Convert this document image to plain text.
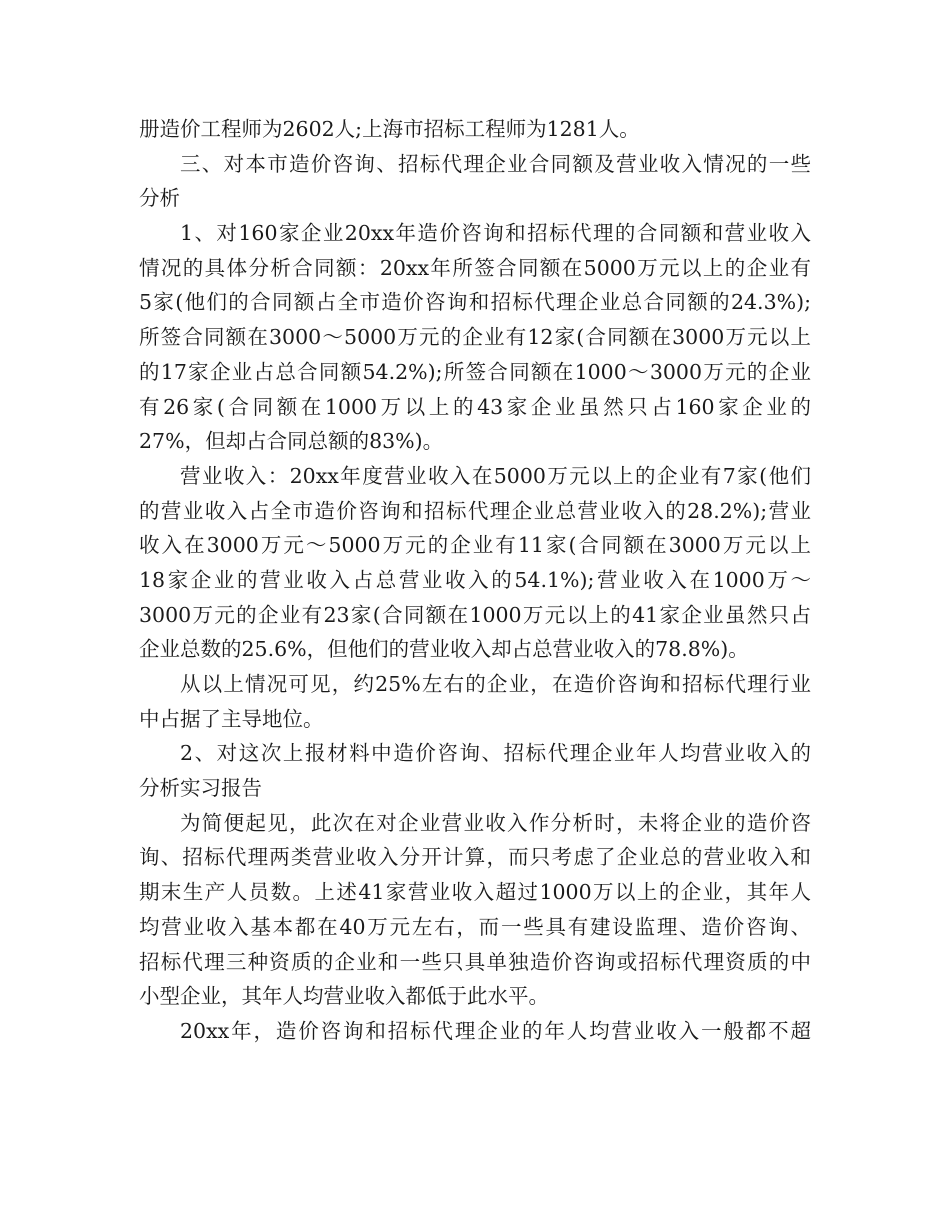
册造价工程师为2602人;上海市招标工程师为1281人。
三、对本市造价咨询、招标代理企业合同额及营业收入情况的一些
分析
1、对160家企业20xx年造价咨询和招标代理的合同额和营业收入
情况的具体分析合同额：20xx年所签合同额在5000万元以上的企业有
5家(他们的合同额占全市造价咨询和招标代理企业总合同额的24.3%);
所签合同额在3000～5000万元的企业有12家(合同额在3000万元以上
的17家企业占总合同额54.2%);所签合同额在1000～3000万元的企业
有26家(合同额在1000万以上的43家企业虽然只占160家企业的
27%，但却占合同总额的83%)。
营业收入：20xx年度营业收入在5000万元以上的企业有7家(他们
的营业收入占全市造价咨询和招标代理企业总营业收入的28.2%);营业
收入在3000万元～5000万元的企业有11家(合同额在3000万元以上
18家企业的营业收入占总营业收入的54.1%);营业收入在1000万～
3000万元的企业有23家(合同额在1000万元以上的41家企业虽然只占
企业总数的25.6%，但他们的营业收入却占总营业收入的78.8%)。
从以上情况可见，约25%左右的企业，在造价咨询和招标代理行业
中占据了主导地位。
2、对这次上报材料中造价咨询、招标代理企业年人均营业收入的
分析实习报告
为简便起见，此次在对企业营业收入作分析时，未将企业的造价咨
询、招标代理两类营业收入分开计算，而只考虑了企业总的营业收入和
期末生产人员数。上述41家营业收入超过1000万以上的企业，其年人
均营业收入基本都在40万元左右，而一些具有建设监理、造价咨询、
招标代理三种资质的企业和一些只具单独造价咨询或招标代理资质的中
小型企业，其年人均营业收入都低于此水平。
20xx年，造价咨询和招标代理企业的年人均营业收入一般都不超
